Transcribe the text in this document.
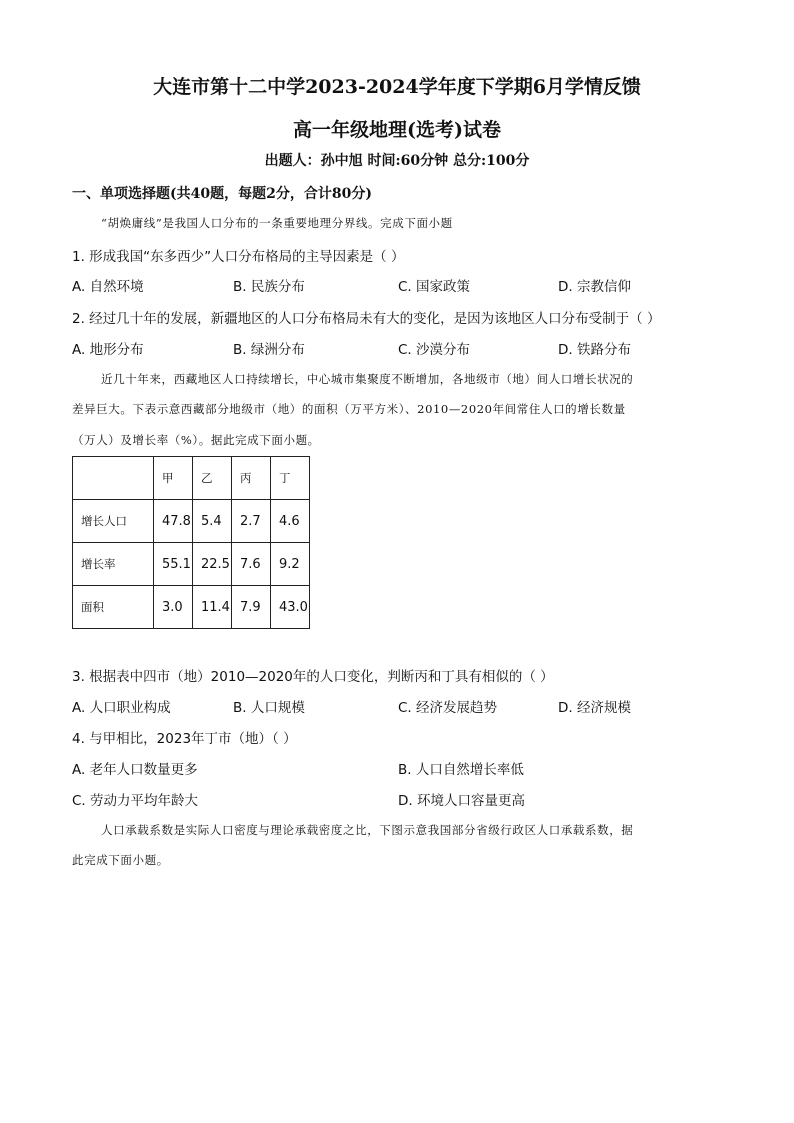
大连市第十二中学2023-2024学年度下学期6月学情反馈
高一年级地理(选考)试卷
出题人：孙中旭 时间:60分钟 总分:100分
一、单项选择题(共40题，每题2分，合计80分)
“胡焕庸线”是我国人口分布的一条重要地理分界线。完成下面小题
1. 形成我国“东多西少”人口分布格局的主导因素是（ ）
A. 自然环境	B. 民族分布	C. 国家政策	D. 宗教信仰
2. 经过几十年的发展，新疆地区的人口分布格局未有大的变化，是因为该地区人口分布受制于（ ）
A. 地形分布	B. 绿洲分布	C. 沙漠分布	D. 铁路分布
近几十年来，西藏地区人口持续增长，中心城市集聚度不断增加，各地级市（地）间人口增长状况的
差异巨大。下表示意西藏部分地级市（地）的面积（万平方米）、2010—2020年间常住人口的增长数量
（万人）及增长率（%）。据此完成下面小题。
	甲	乙	丙	丁
增长人口	47.8	5.4	2.7	4.6
增长率	55.1	22.5	7.6	9.2
面积	3.0	11.4	7.9	43.0
3. 根据表中四市（地）2010—2020年的人口变化，判断丙和丁具有相似的（ ）
A. 人口职业构成	B. 人口规模	C. 经济发展趋势	D. 经济规模
4. 与甲相比，2023年丁市（地）（ ）
A. 老年人口数量更多	B. 人口自然增长率低
C. 劳动力平均年龄大	D. 环境人口容量更高
人口承载系数是实际人口密度与理论承载密度之比，下图示意我国部分省级行政区人口承载系数，据
此完成下面小题。
